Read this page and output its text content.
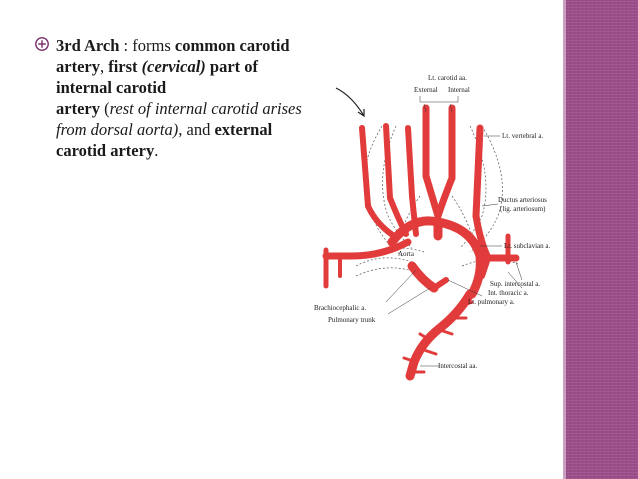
3rd Arch : forms common carotid
artery, first (cervical) part of internal carotid
artery (rest of internal carotid arises from dorsal aorta), and external carotid artery.
Lt. carotid aa.
External Internal
Lt. vertebral a.
Ductus arteriosus
(lig. arteriosum)
Lt. subclavian a.
Aorta
Sup. intercostal a.
Int. thoracic a.
Lt. pulmonary a.
Brachiocephalic a.
Pulmonary trunk
Intercostal aa.
